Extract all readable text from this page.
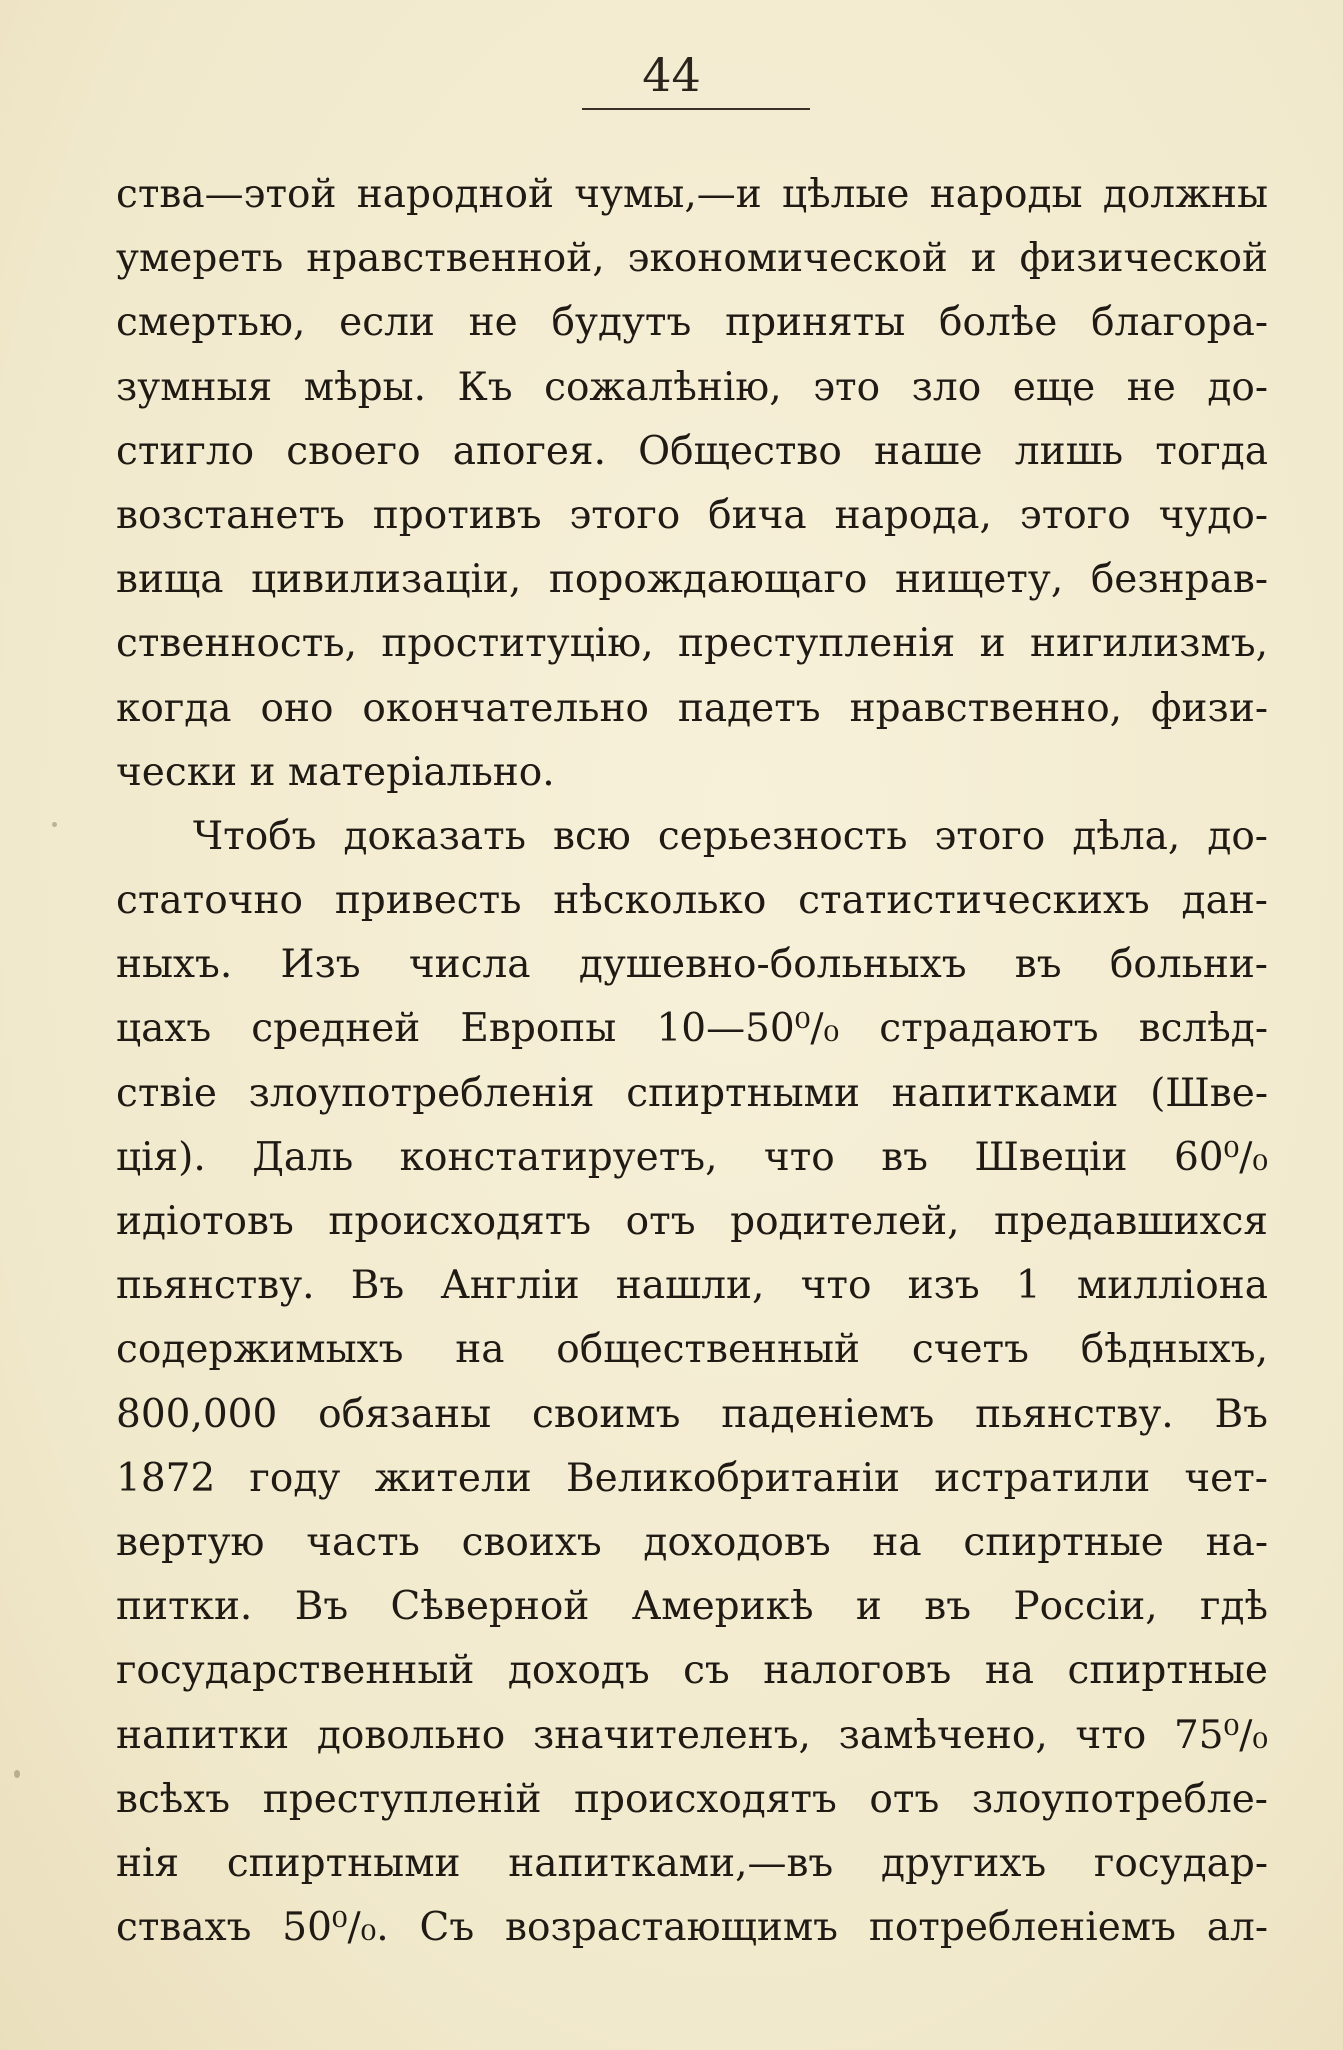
44
ства—этой народной чумы,—и цѣлые народы должны
умереть нравственной, экономической и физической
смертью, если не будутъ приняты болѣе благора-
зумныя мѣры. Къ сожалѣнію, это зло еще не до-
стигло своего апогея. Общество наше лишь тогда
возстанетъ противъ этого бича народа, этого чудо-
вища цивилизаціи, порождающаго нищету, безнрав-
ственность, проституцію, преступленія и нигилизмъ,
когда оно окончательно падетъ нравственно, физи-
чески и матеріально.
Чтобъ доказать всю серьезность этого дѣла, до-
статочно привесть нѣсколько статистическихъ дан-
ныхъ. Изъ числа душевно-больныхъ въ больни-
цахъ средней Европы 10—50⁰/₀ страдаютъ вслѣд-
ствіе злоупотребленія спиртными напитками (Шве-
ція). Даль констатируетъ, что въ Швеціи 60⁰/₀
идіотовъ происходятъ отъ родителей, предавшихся
пьянству. Въ Англіи нашли, что изъ 1 милліона
содержимыхъ на общественный счетъ бѣдныхъ,
800,000 обязаны своимъ паденіемъ пьянству. Въ
1872 году жители Великобританіи истратили чет-
вертую часть своихъ доходовъ на спиртные на-
питки. Въ Сѣверной Америкѣ и въ Россіи, гдѣ
государственный доходъ съ налоговъ на спиртные
напитки довольно значителенъ, замѣчено, что 75⁰/₀
всѣхъ преступленій происходятъ отъ злоупотребле-
нія спиртными напитками,—въ другихъ государ-
ствахъ 50⁰/₀. Съ возрастающимъ потребленіемъ ал-
